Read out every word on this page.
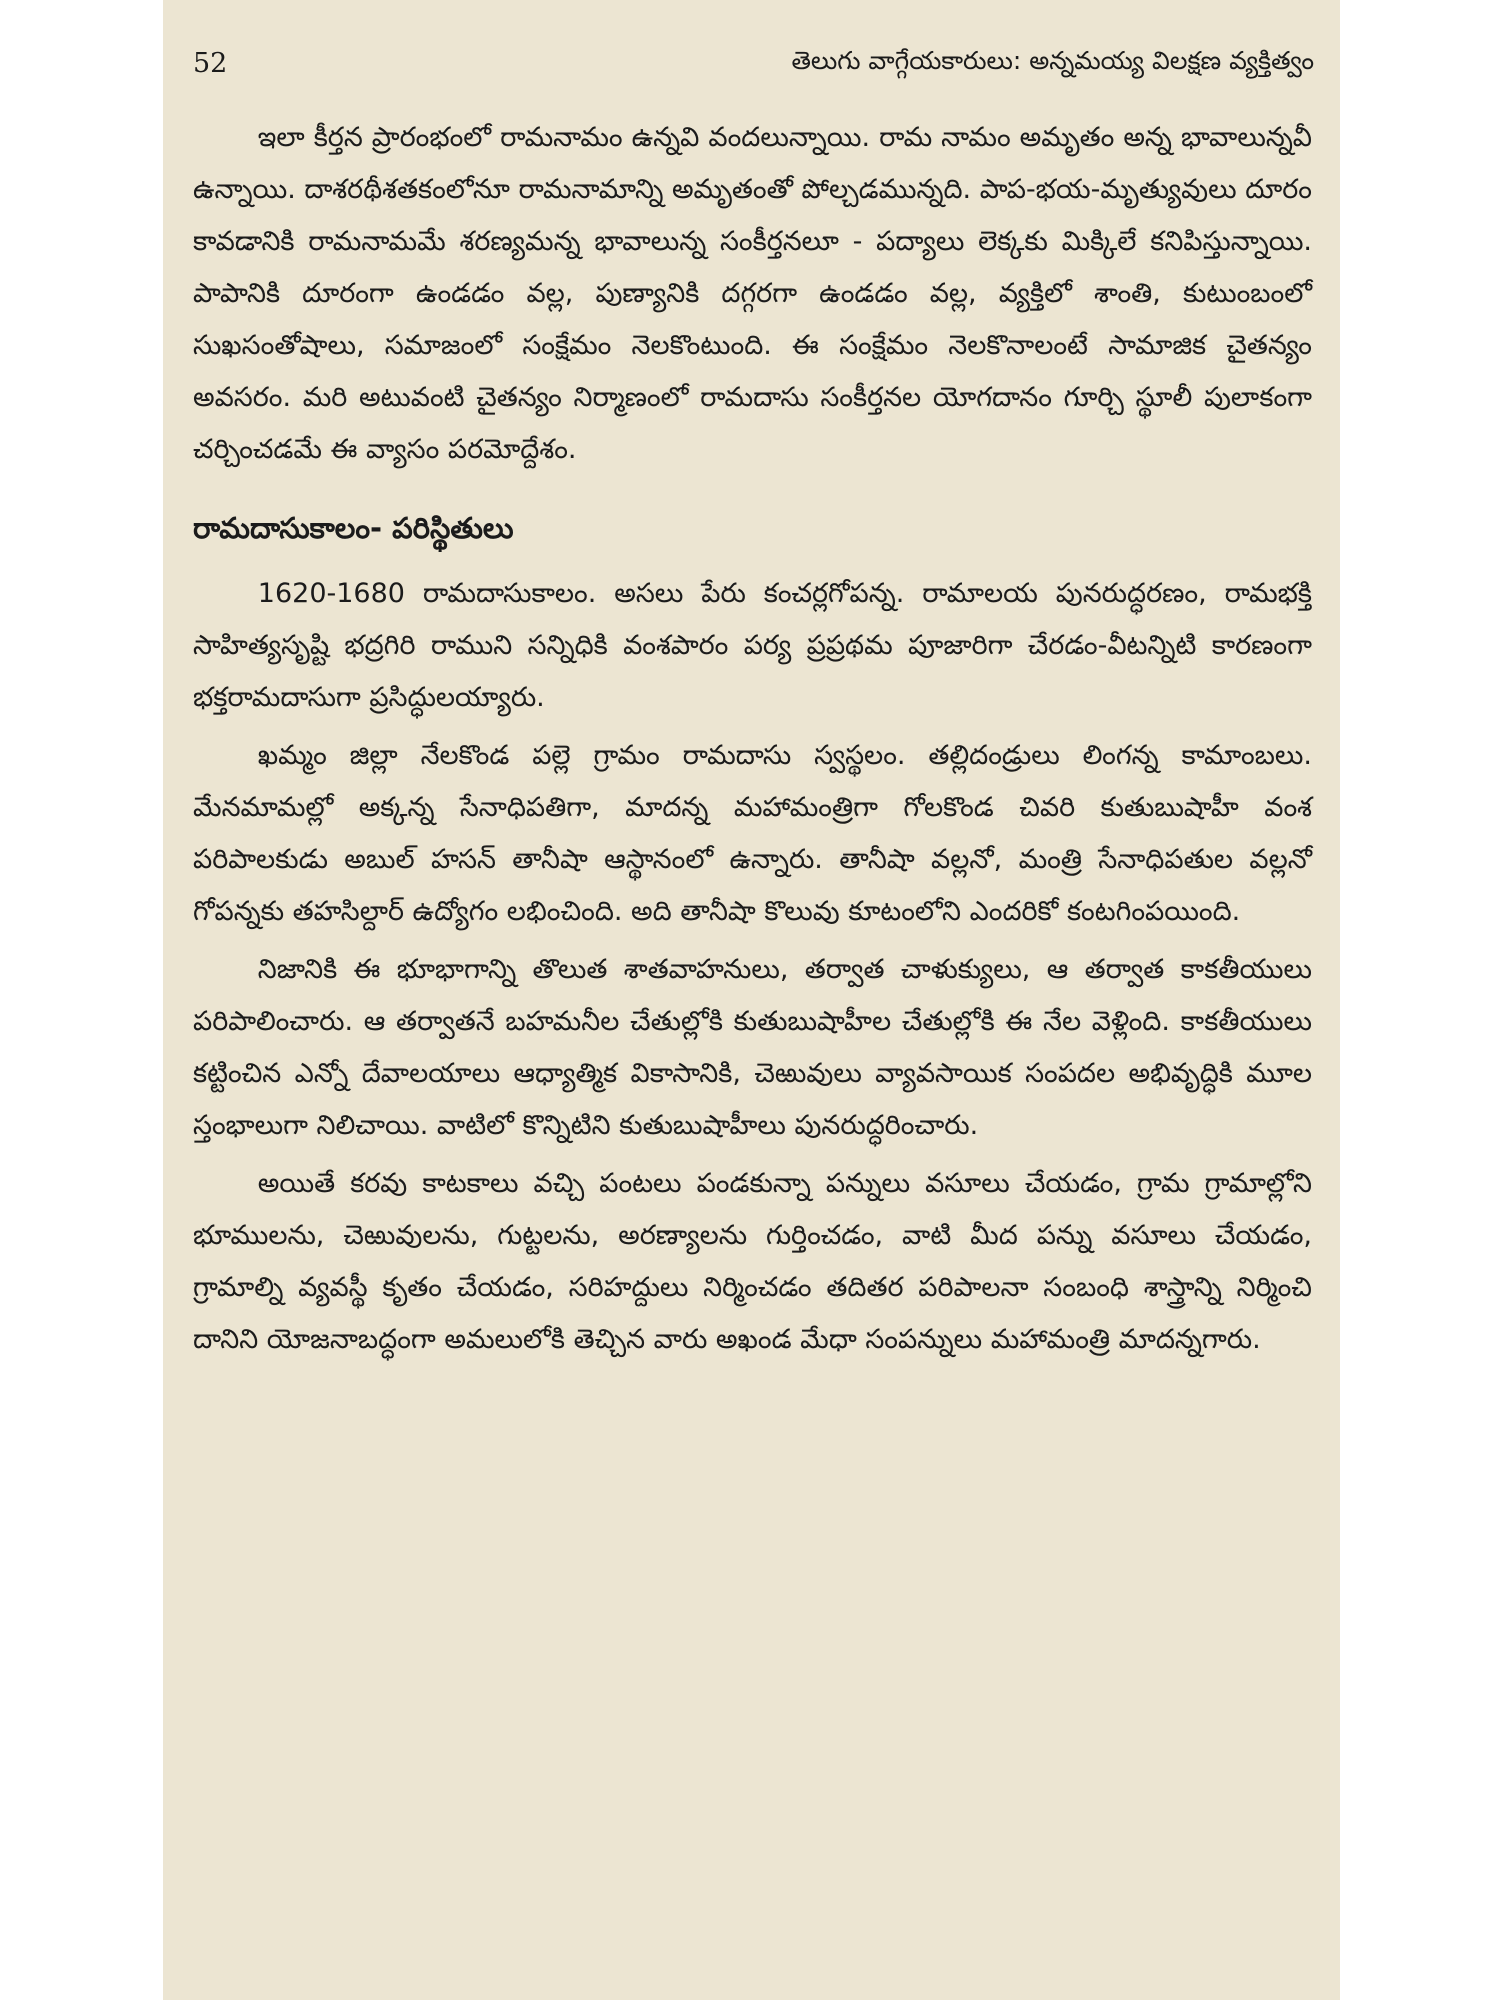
52	తెలుగు వాగ్గేయకారులు: అన్నమయ్య విలక్షణ వ్యక్తిత్వం

ఇలా కీర్తన ప్రారంభంలో రామనామం ఉన్నవి వందలున్నాయి. రామ నామం అమృతం అన్న భావాలున్నవీ ఉన్నాయి. దాశరథీశతకంలోనూ రామనామాన్ని అమృతంతో పోల్చడమున్నది. పాప-భయ-మృత్యువులు దూరం కావడానికి రామనామమే శరణ్యమన్న భావాలున్న సంకీర్తనలూ - పద్యాలు లెక్కకు మిక్కిలే కనిపిస్తున్నాయి. పాపానికి దూరంగా ఉండడం వల్ల, పుణ్యానికి దగ్గరగా ఉండడం వల్ల, వ్యక్తిలో శాంతి, కుటుంబంలో సుఖసంతోషాలు, సమాజంలో సంక్షేమం నెలకొంటుంది. ఈ సంక్షేమం నెలకొనాలంటే సామాజిక చైతన్యం అవసరం. మరి అటువంటి చైతన్యం నిర్మాణంలో రామదాసు సంకీర్తనల యోగదానం గూర్చి స్థూలీ పులాకంగా చర్చించడమే ఈ వ్యాసం పరమోద్దేశం.

రామదాసుకాలం- పరిస్థితులు

1620-1680 రామదాసుకాలం. అసలు పేరు కంచర్లగోపన్న. రామాలయ పునరుద్ధరణం, రామభక్తి సాహిత్యసృష్టి భద్రగిరి రాముని సన్నిధికి వంశపారం పర్య ప్రప్రథమ పూజారిగా చేరడం-వీటన్నిటి కారణంగా భక్తరామదాసుగా ప్రసిద్ధులయ్యారు.

ఖమ్మం జిల్లా నేలకొండ పల్లె గ్రామం రామదాసు స్వస్థలం. తల్లిదండ్రులు లింగన్న కామాంబలు. మేనమామల్లో అక్కన్న సేనాధిపతిగా, మాదన్న మహామంత్రిగా గోలకొండ చివరి కుతుబుషాహీ వంశ పరిపాలకుడు అబుల్ హసన్ తానీషా ఆస్థానంలో ఉన్నారు. తానీషా వల్లనో, మంత్రి సేనాధిపతుల వల్లనో గోపన్నకు తహసిల్దార్ ఉద్యోగం లభించింది. అది తానీషా కొలువు కూటంలోని ఎందరికో కంటగింపయింది.

నిజానికి ఈ భూభాగాన్ని తొలుత శాతవాహనులు, తర్వాత చాళుక్యులు, ఆ తర్వాత కాకతీయులు పరిపాలించారు. ఆ తర్వాతనే బహమనీల చేతుల్లోకి కుతుబుషాహీల చేతుల్లోకి ఈ నేల వెళ్లింది. కాకతీయులు కట్టించిన ఎన్నో దేవాలయాలు ఆధ్యాత్మిక వికాసానికి, చెఱువులు వ్యావసాయిక సంపదల అభివృద్ధికి మూల స్తంభాలుగా నిలిచాయి. వాటిలో కొన్నిటిని కుతుబుషాహీలు పునరుద్ధరించారు.

అయితే కరవు కాటకాలు వచ్చి పంటలు పండకున్నా పన్నులు వసూలు చేయడం, గ్రామ గ్రామాల్లోని భూములను, చెఱువులను, గుట్టలను, అరణ్యాలను గుర్తించడం, వాటి మీద పన్ను వసూలు చేయడం, గ్రామాల్ని వ్యవస్థీ కృతం చేయడం, సరిహద్దులు నిర్మించడం తదితర పరిపాలనా సంబంధి శాస్త్రాన్ని నిర్మించి దానిని యోజనాబద్ధంగా అమలులోకి తెచ్చిన వారు అఖండ మేధా సంపన్నులు మహామంత్రి మాదన్నగారు.
